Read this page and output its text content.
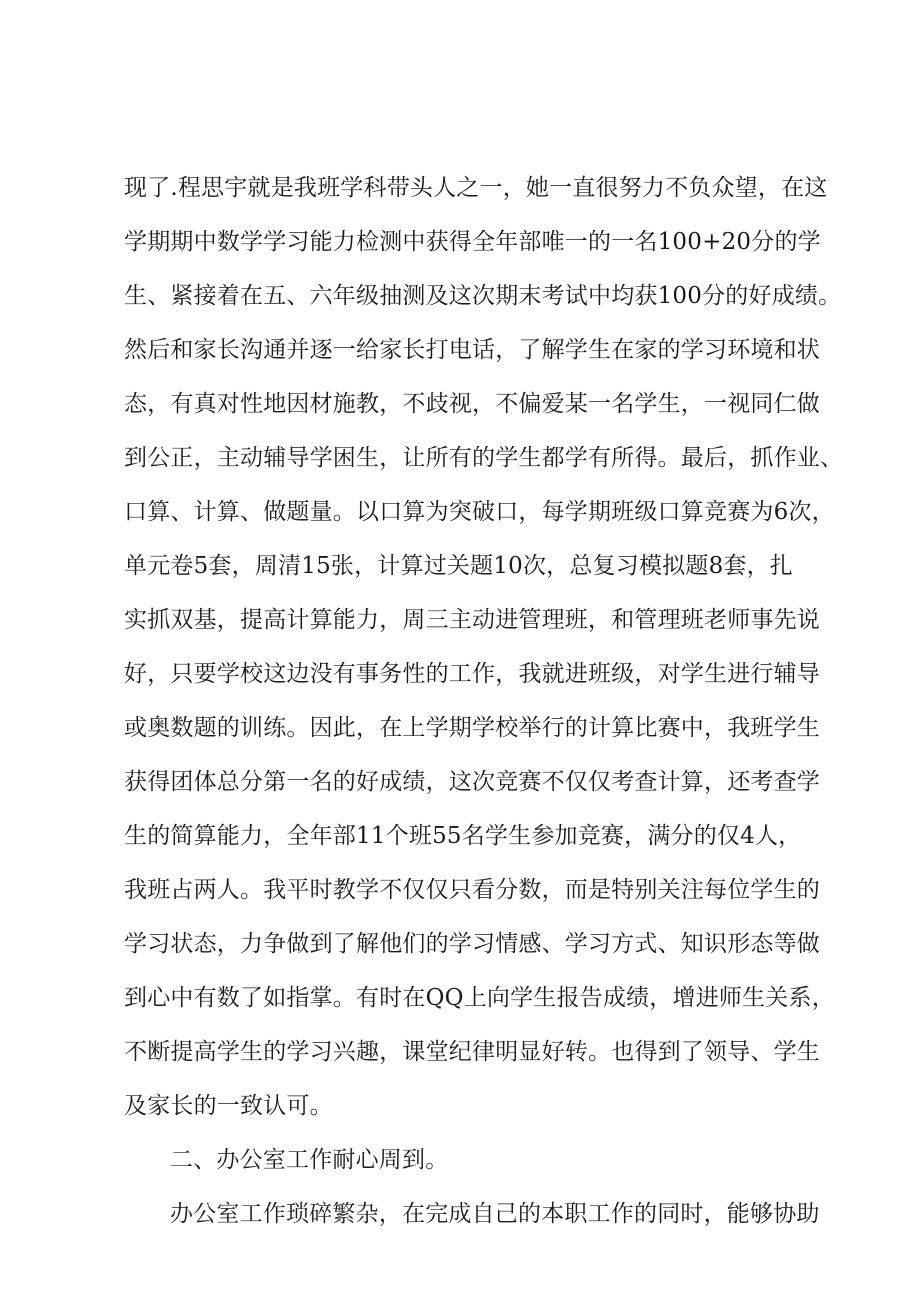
现了.程思宇就是我班学科带头人之一，她一直很努力不负众望，在这
学期期中数学学习能力检测中获得全年部唯一的一名100+20分的学
生、紧接着在五、六年级抽测及这次期末考试中均获100分的好成绩。
然后和家长沟通并逐一给家长打电话，了解学生在家的学习环境和状
态，有真对性地因材施教，不歧视，不偏爱某一名学生，一视同仁做
到公正，主动辅导学困生，让所有的学生都学有所得。最后，抓作业、
口算、计算、做题量。以口算为突破口，每学期班级口算竞赛为6次，
单元卷5套，周清15张，计算过关题10次，总复习模拟题8套，扎
实抓双基，提高计算能力，周三主动进管理班，和管理班老师事先说
好，只要学校这边没有事务性的工作，我就进班级，对学生进行辅导
或奥数题的训练。因此，在上学期学校举行的计算比赛中，我班学生
获得团体总分第一名的好成绩，这次竞赛不仅仅考查计算，还考查学
生的简算能力，全年部11个班55名学生参加竞赛，满分的仅4人，
我班占两人。我平时教学不仅仅只看分数，而是特别关注每位学生的
学习状态，力争做到了解他们的学习情感、学习方式、知识形态等做
到心中有数了如指掌。有时在QQ上向学生报告成绩，增进师生关系，
不断提高学生的学习兴趣，课堂纪律明显好转。也得到了领导、学生
及家长的一致认可。
二、办公室工作耐心周到。
办公室工作琐碎繁杂，在完成自己的本职工作的同时，能够协助
